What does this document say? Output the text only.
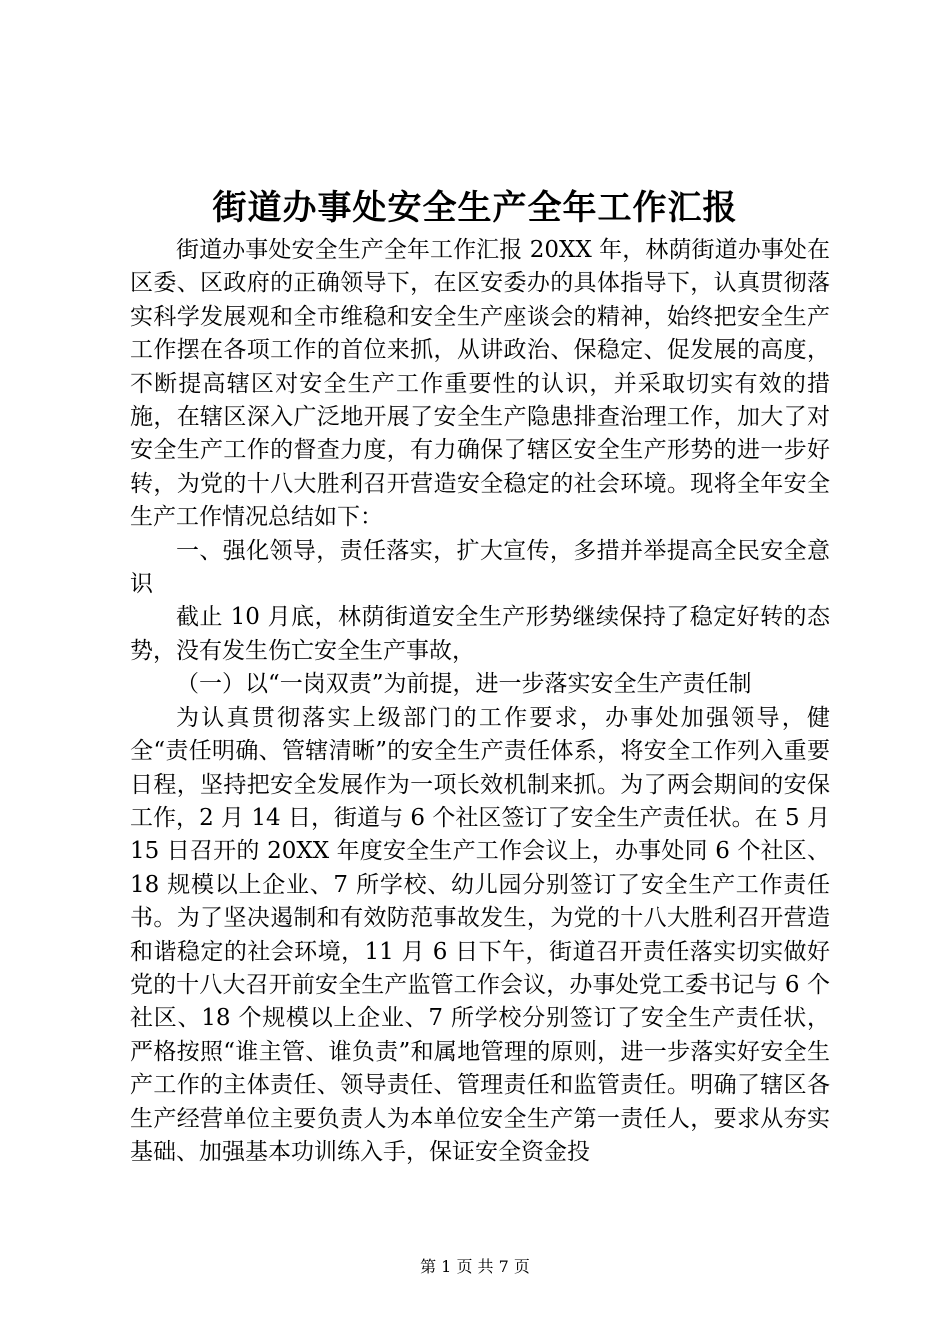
街道办事处安全生产全年工作汇报

街道办事处安全生产全年工作汇报 20XX 年，林荫街道办事处在区委、区政府的正确领导下，在区安委办的具体指导下，认真贯彻落实科学发展观和全市维稳和安全生产座谈会的精神，始终把安全生产工作摆在各项工作的首位来抓，从讲政治、保稳定、促发展的高度，不断提高辖区对安全生产工作重要性的认识，并采取切实有效的措施，在辖区深入广泛地开展了安全生产隐患排查治理工作，加大了对安全生产工作的督查力度，有力确保了辖区安全生产形势的进一步好转，为党的十八大胜利召开营造安全稳定的社会环境。现将全年安全生产工作情况总结如下：

一、强化领导，责任落实，扩大宣传，多措并举提高全民安全意识

截止 10 月底，林荫街道安全生产形势继续保持了稳定好转的态势，没有发生伤亡安全生产事故，

（一）以“一岗双责”为前提，进一步落实安全生产责任制

为认真贯彻落实上级部门的工作要求，办事处加强领导，健全“责任明确、管辖清晰”的安全生产责任体系，将安全工作列入重要日程，坚持把安全发展作为一项长效机制来抓。为了两会期间的安保工作，2 月 14 日，街道与 6 个社区签订了安全生产责任状。在 5 月 15 日召开的 20XX 年度安全生产工作会议上，办事处同 6 个社区、18 规模以上企业、7 所学校、幼儿园分别签订了安全生产工作责任书。为了坚决遏制和有效防范事故发生，为党的十八大胜利召开营造和谐稳定的社会环境，11 月 6 日下午，街道召开责任落实切实做好党的十八大召开前安全生产监管工作会议，办事处党工委书记与 6 个社区、18 个规模以上企业、7 所学校分别签订了安全生产责任状，严格按照“谁主管、谁负责”和属地管理的原则，进一步落实好安全生产工作的主体责任、领导责任、管理责任和监管责任。明确了辖区各生产经营单位主要负责人为本单位安全生产第一责任人，要求从夯实基础、加强基本功训练入手，保证安全资金投

第 1 页 共 7 页
